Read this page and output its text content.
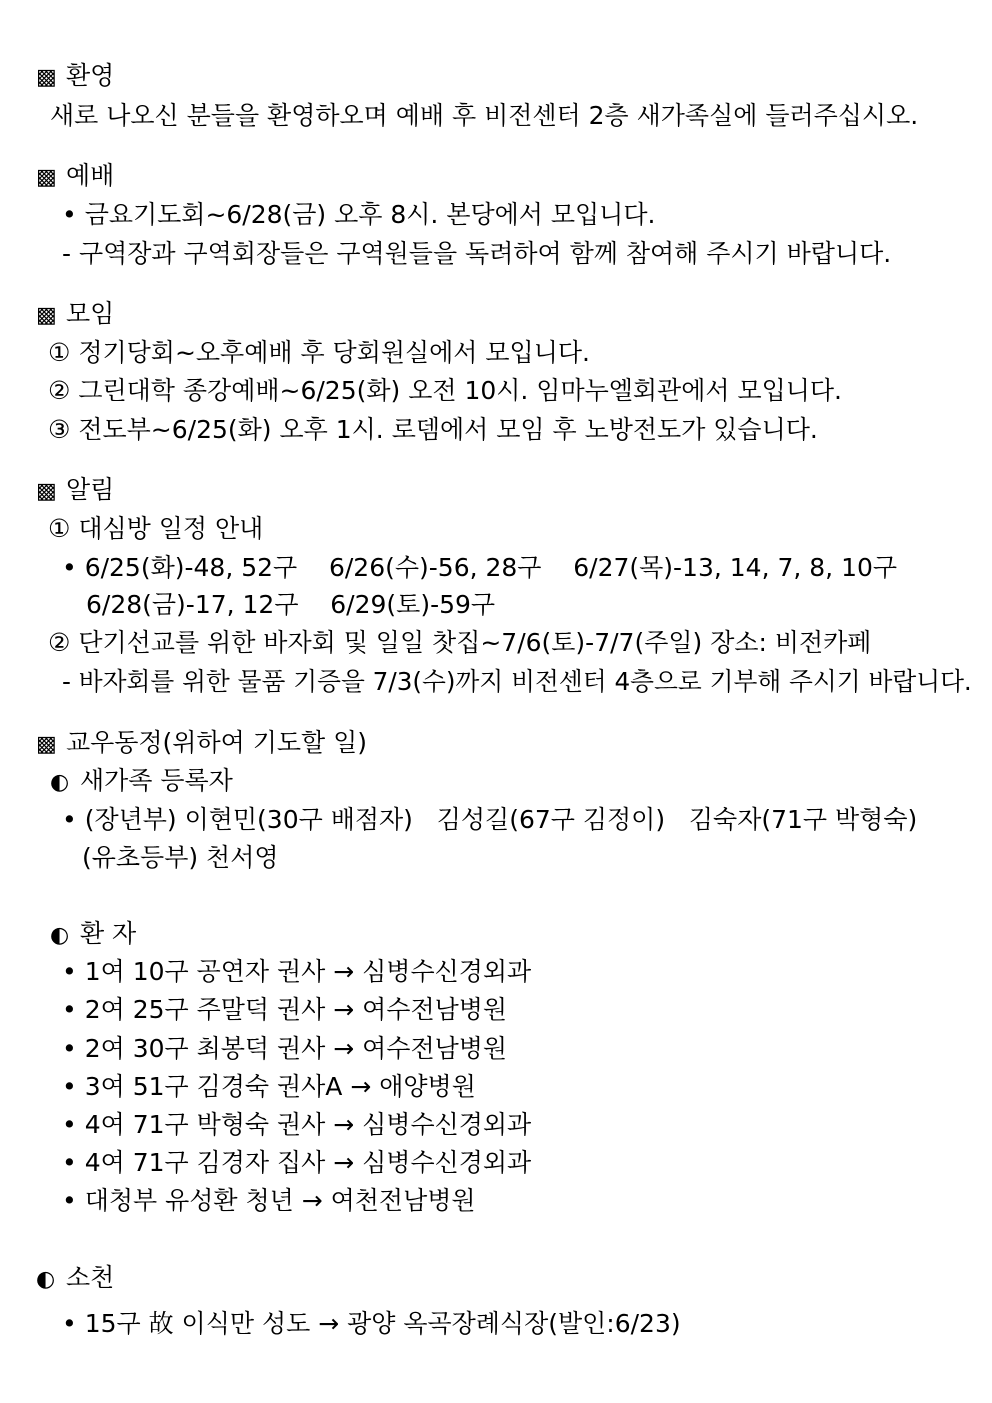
▩ 환영
새로 나오신 분들을 환영하오며 예배 후 비전센터 2층 새가족실에 들러주십시오.
▩ 예배
• 금요기도회~6/28(금) 오후 8시. 본당에서 모입니다.
- 구역장과 구역회장들은 구역원들을 독려하여 함께 참여해 주시기 바랍니다.
▩ 모임
① 정기당회~오후예배 후 당회원실에서 모입니다.
② 그린대학 종강예배~6/25(화) 오전 10시. 임마누엘회관에서 모입니다.
③ 전도부~6/25(화) 오후 1시. 로뎀에서 모임 후 노방전도가 있습니다.
▩ 알림
① 대심방 일정 안내
• 6/25(화)-48, 52구    6/26(수)-56, 28구    6/27(목)-13, 14, 7, 8, 10구
6/28(금)-17, 12구    6/29(토)-59구
② 단기선교를 위한 바자회 및 일일 찻집~7/6(토)-7/7(주일) 장소: 비전카페
- 바자회를 위한 물품 기증을 7/3(수)까지 비전센터 4층으로 기부해 주시기 바랍니다.
▩ 교우동정(위하여 기도할 일)
◐ 새가족 등록자
• (장년부) 이현민(30구 배점자)   김성길(67구 김정이)   김숙자(71구 박형숙)
(유초등부) 천서영
◐ 환 자
• 1여 10구 공연자 권사 → 심병수신경외과
• 2여 25구 주말덕 권사 → 여수전남병원
• 2여 30구 최봉덕 권사 → 여수전남병원
• 3여 51구 김경숙 권사A → 애양병원
• 4여 71구 박형숙 권사 → 심병수신경외과
• 4여 71구 김경자 집사 → 심병수신경외과
• 대청부 유성환 청년 → 여천전남병원
◐ 소천
• 15구 故 이식만 성도 → 광양 옥곡장례식장(발인:6/23)
